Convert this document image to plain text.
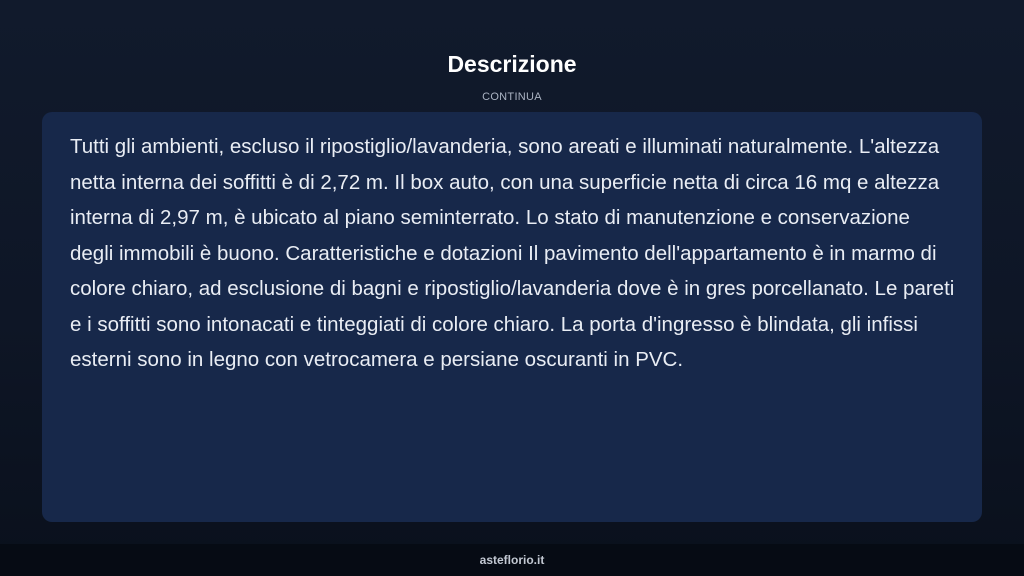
Descrizione
CONTINUA

Tutti gli ambienti, escluso il ripostiglio/lavanderia, sono areati e illuminati naturalmente. L'altezza netta interna dei soffitti è di 2,72 m. Il box auto, con una superficie netta di circa 16 mq e altezza interna di 2,97 m, è ubicato al piano seminterrato. Lo stato di manutenzione e conservazione degli immobili è buono. Caratteristiche e dotazioni Il pavimento dell'appartamento è in marmo di colore chiaro, ad esclusione di bagni e ripostiglio/lavanderia dove è in gres porcellanato. Le pareti e i soffitti sono intonacati e tinteggiati di colore chiaro. La porta d'ingresso è blindata, gli infissi esterni sono in legno con vetrocamera e persiane oscuranti in PVC.

asteflorio.it
